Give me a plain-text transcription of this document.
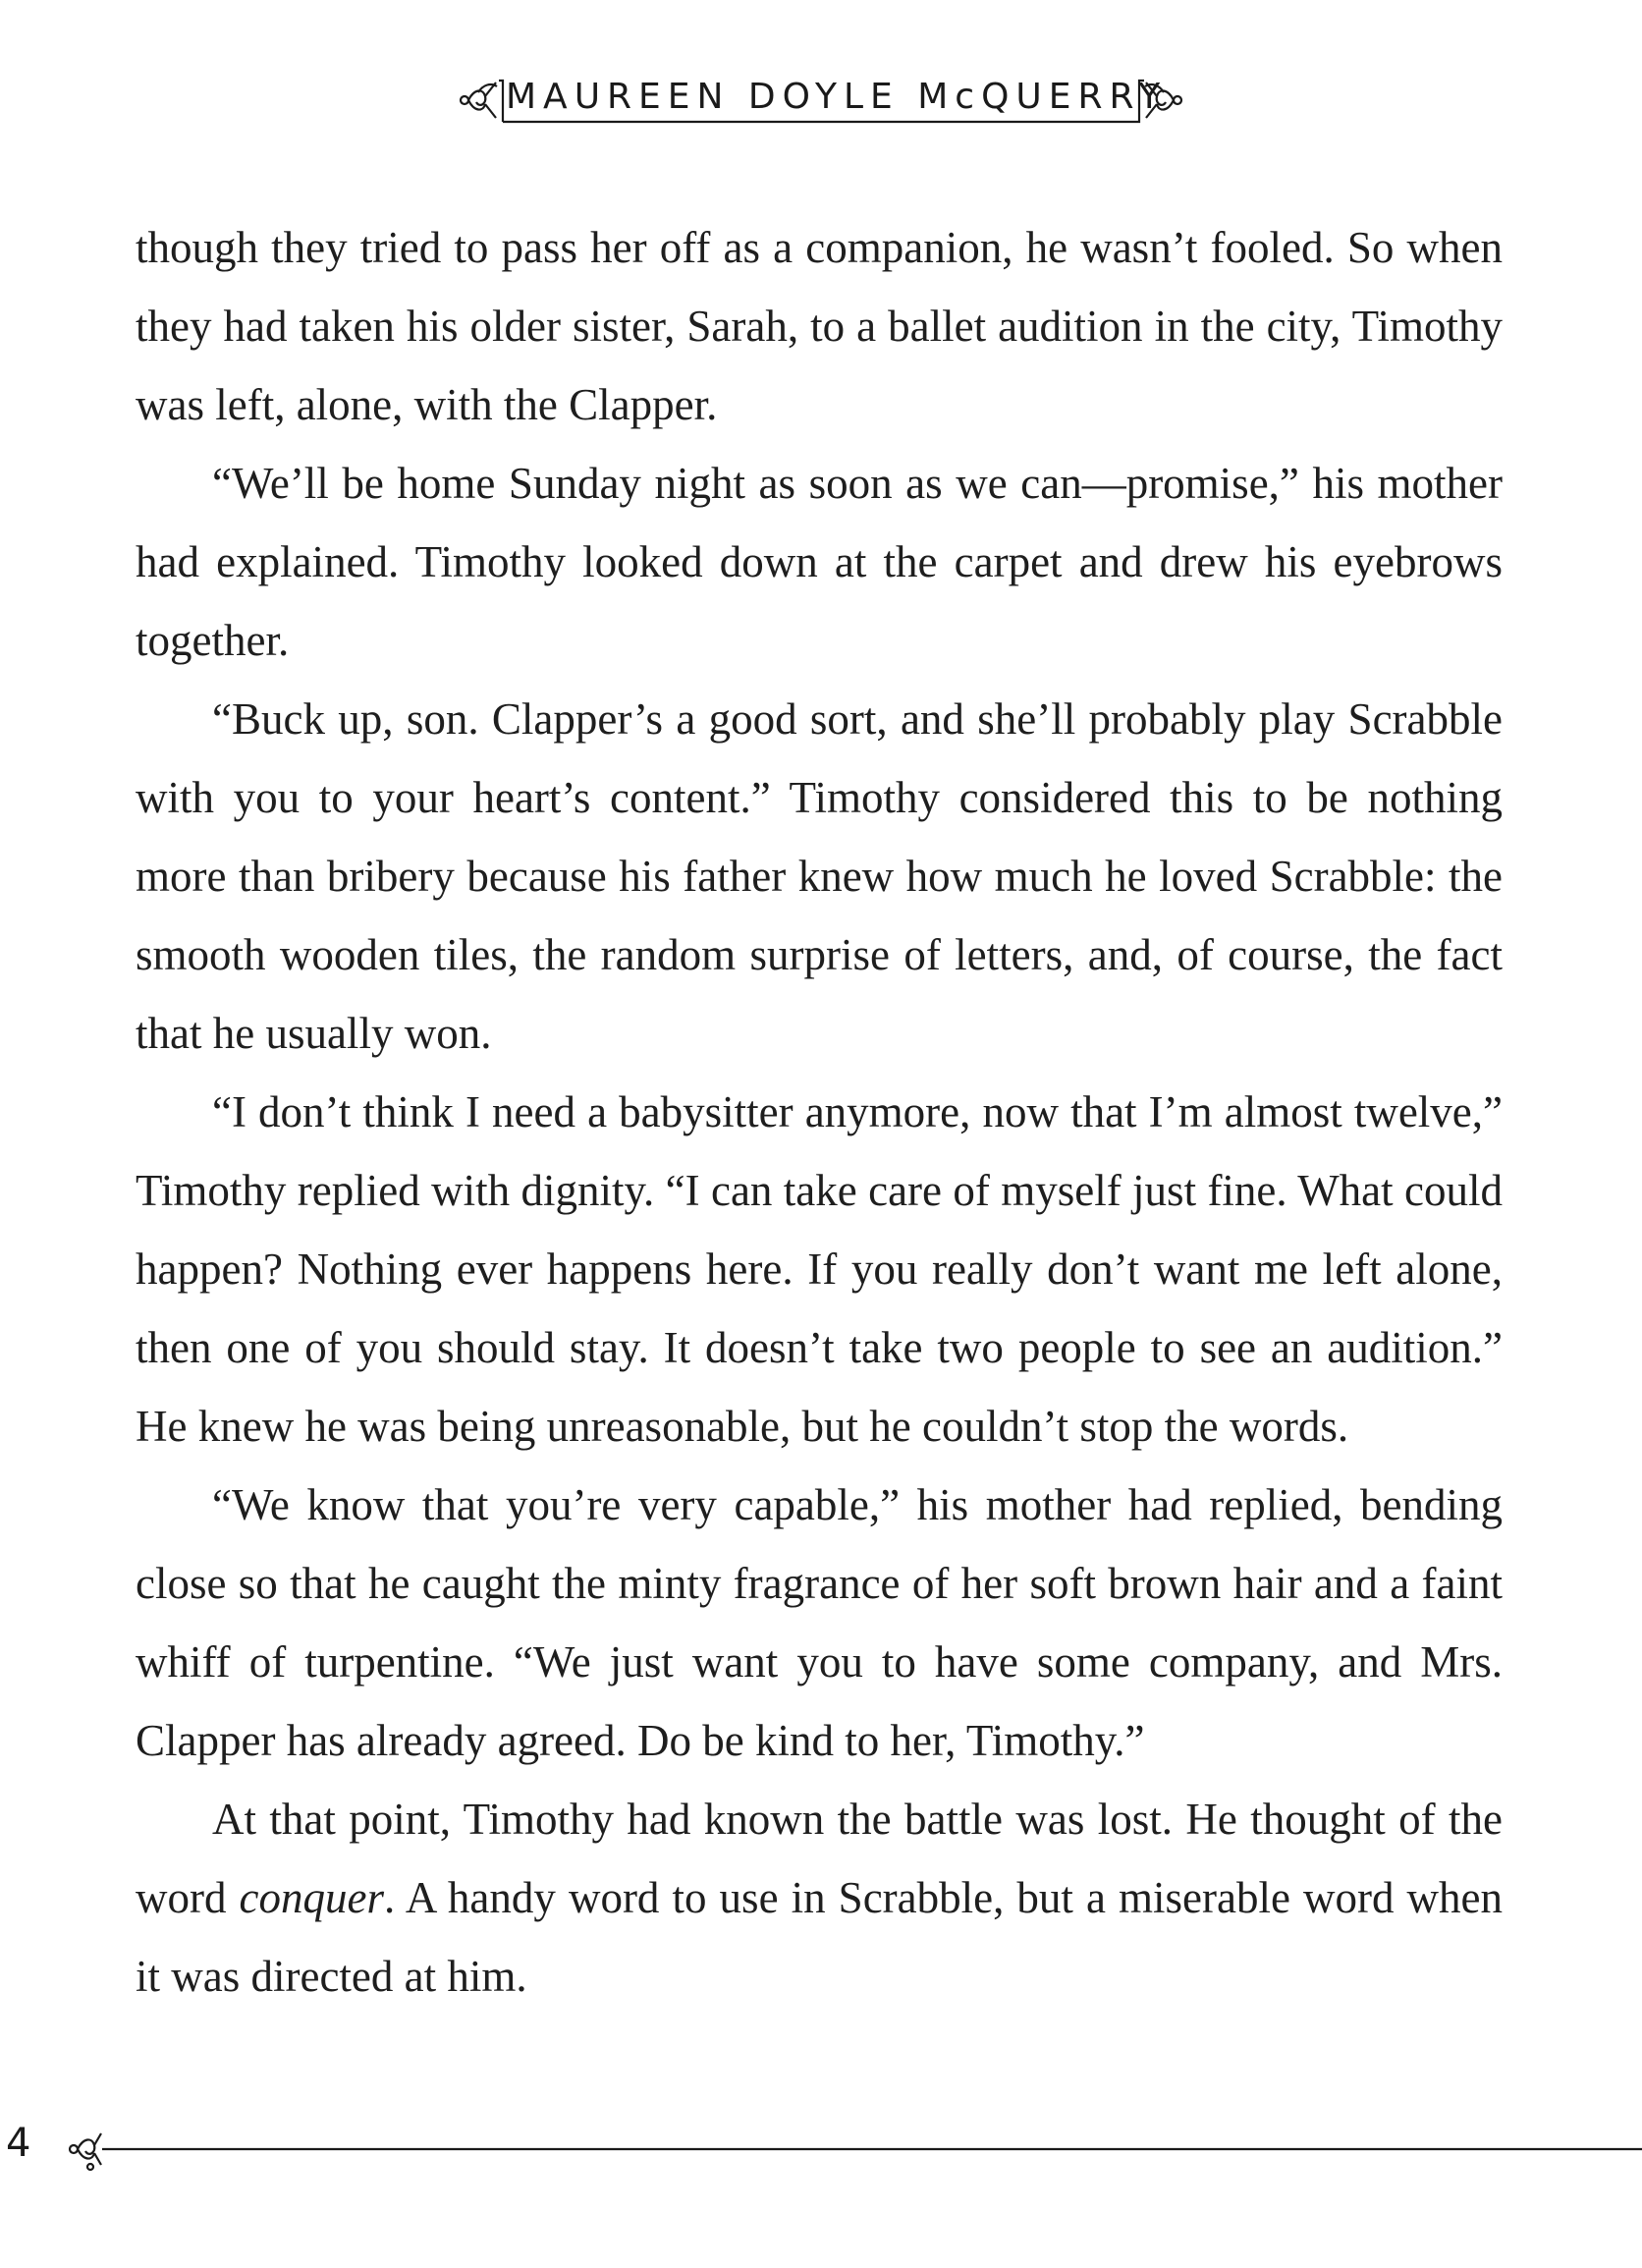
MAUREEN DOYLE McQUERRY

though they tried to pass her off as a companion, he wasn’t fooled. So when they had taken his older sister, Sarah, to a ballet audition in the city, Timothy was left, alone, with the Clapper.

“We’ll be home Sunday night as soon as we can—promise,” his mother had explained. Timothy looked down at the carpet and drew his eyebrows together.

“Buck up, son. Clapper’s a good sort, and she’ll probably play Scrabble with you to your heart’s content.” Timothy considered this to be nothing more than bribery because his father knew how much he loved Scrabble: the smooth wooden tiles, the random surprise of letters, and, of course, the fact that he usually won.

“I don’t think I need a babysitter anymore, now that I’m almost twelve,” Timothy replied with dignity. “I can take care of myself just fine. What could happen? Nothing ever happens here. If you really don’t want me left alone, then one of you should stay. It doesn’t take two people to see an audition.” He knew he was being unreasonable, but he couldn’t stop the words.

“We know that you’re very capable,” his mother had replied, bending close so that he caught the minty fragrance of her soft brown hair and a faint whiff of turpentine. “We just want you to have some company, and Mrs. Clapper has already agreed. Do be kind to her, Timothy.”

At that point, Timothy had known the battle was lost. He thought of the word conquer. A handy word to use in Scrabble, but a miserable word when it was directed at him.

4
